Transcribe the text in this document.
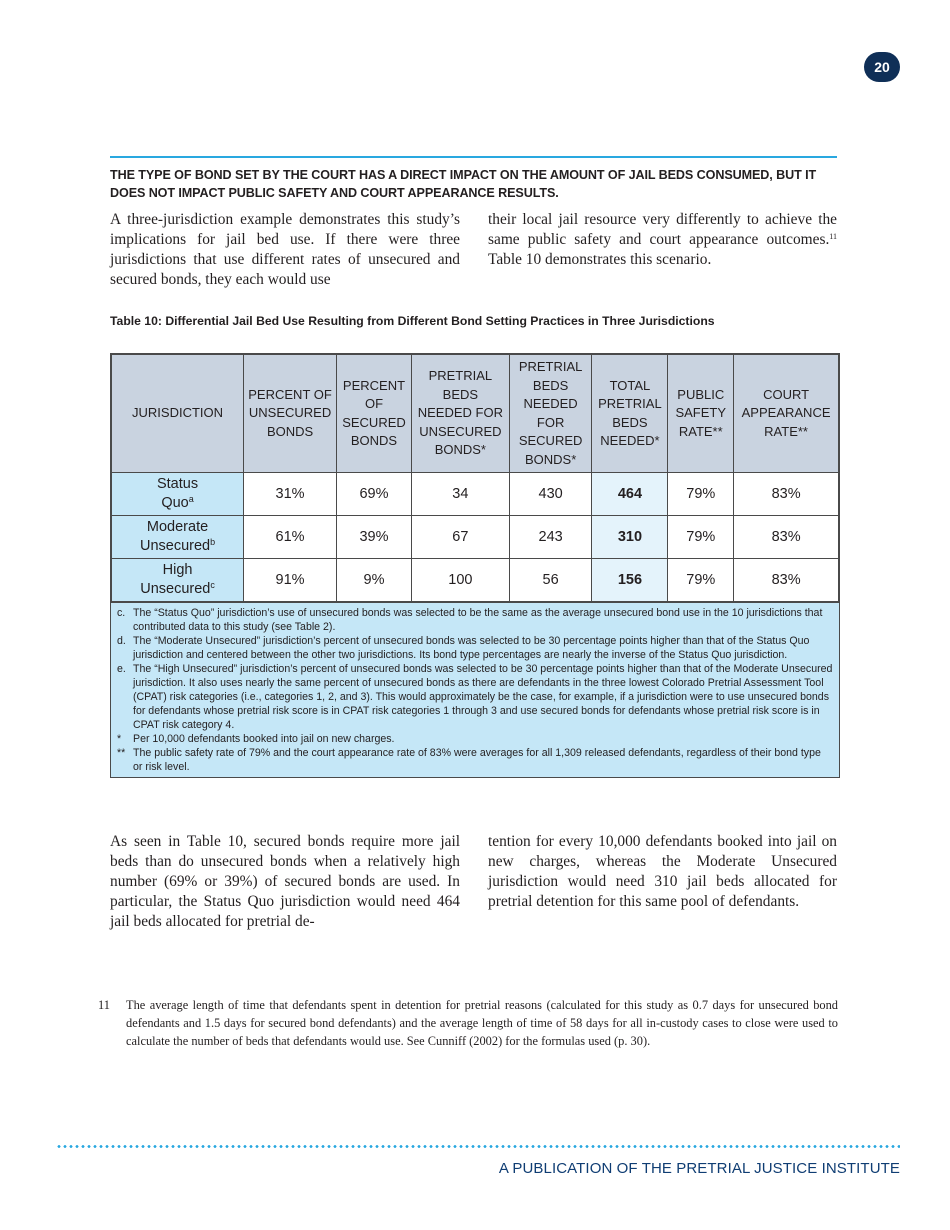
20
THE TYPE OF BOND SET BY THE COURT HAS A DIRECT IMPACT ON THE AMOUNT OF JAIL BEDS CONSUMED, BUT IT DOES NOT IMPACT PUBLIC SAFETY AND COURT APPEARANCE RESULTS.

A three-jurisdiction example demonstrates this study’s implications for jail bed use. If there were three jurisdictions that use different rates of unsecured and secured bonds, they each would use

their local jail resource very differently to achieve the same public safety and court appearance outcomes.$^{11}$ Table 10 demonstrates this scenario.

Table 10: Differential Jail Bed Use Resulting from Different Bond Setting Practices in Three Jurisdictions
JURISDICTION	PERCENT OF UNSECURED BONDS	PERCENT OF SECURED BONDS	PRETRIAL BEDS NEEDED FOR UNSECURED BONDS*	PRETRIAL BEDS NEEDED FOR SECURED BONDS*	TOTAL PRETRIAL BEDS NEEDED*	PUBLIC SAFETY RATE**	COURT APPEARANCE RATE**
Status
Quo$^a$	31%	69%	34	430	464	79%	83%
Moderate
Unsecured$^b$	61%	39%	67	243	310	79%	83%
High
Unsecured$^c$	91%	9%	100	56	156	79%	83%
c. The “Status Quo” jurisdiction’s use of unsecured bonds was selected to be the same as the average unsecured bond use in the 10 jurisdictions that contributed data to this study (see Table 2).
d. The “Moderate Unsecured” jurisdiction’s percent of unsecured bonds was selected to be 30 percentage points higher than that of the Status Quo jurisdiction and centered between the other two jurisdictions. Its bond type percentages are nearly the inverse of the Status Quo jurisdiction.
e. The “High Unsecured” jurisdiction’s percent of unsecured bonds was selected to be 30 percentage points higher than that of the Moderate Unsecured jurisdiction. It also uses nearly the same percent of unsecured bonds as there are defendants in the three lowest Colorado Pretrial Assessment Tool (CPAT) risk categories (i.e., categories 1, 2, and 3). This would approximately be the case, for example, if a jurisdiction were to use unsecured bonds for defendants whose pretrial risk score is in CPAT risk categories 1 through 3 and use secured bonds for defendants whose pretrial risk score is in CPAT risk category 4.
*	Per 10,000 defendants booked into jail on new charges.
** The public safety rate of 79% and the court appearance rate of 83% were averages for all 1,309 released defendants, regardless of their bond type or risk level.

As seen in Table 10, secured bonds require more jail beds than do unsecured bonds when a relatively high number (69% or 39%) of secured bonds are used. In particular, the Status Quo jurisdiction would need 464 jail beds allocated for pretrial de-

tention for every 10,000 defendants booked into jail on new charges, whereas the Moderate Unsecured jurisdiction would need 310 jail beds allocated for pretrial detention for this same pool of defendants.

11 The average length of time that defendants spent in detention for pretrial reasons (calculated for this study as 0.7 days for unsecured bond defendants and 1.5 days for secured bond defendants) and the average length of time of 58 days for all in-custody cases to close were used to calculate the number of beds that defendants would use. See Cunniff (2002) for the formulas used (p. 30).
A PUBLICATION OF THE PRETRIAL JUSTICE INSTITUTE
